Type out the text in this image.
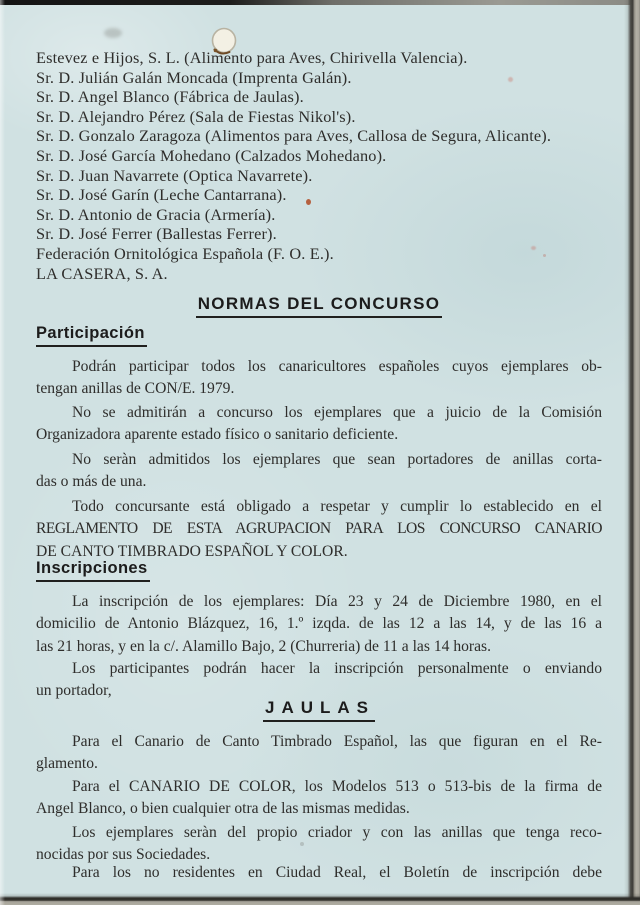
Estevez e Hijos, S. L. (Alimento para Aves, Chirivella Valencia).
Sr. D. Julián Galán Moncada (Imprenta Galán).
Sr. D. Angel Blanco (Fábrica de Jaulas).
Sr. D. Alejandro Pérez (Sala de Fiestas Nikol's).
Sr. D. Gonzalo Zaragoza (Alimentos para Aves, Callosa de Segura, Alicante).
Sr. D. José García Mohedano (Calzados Mohedano).
Sr. D. Juan Navarrete (Optica Navarrete).
Sr. D. José Garín (Leche Cantarrana).
Sr. D. Antonio de Gracia (Armería).
Sr. D. José Ferrer (Ballestas Ferrer).
Federación Ornitológica Española (F. O. E.).
LA CASERA, S. A.
NORMAS DEL CONCURSO
Participación
Podrán participar todos los canaricultores españoles cuyos ejemplares ob-
tengan anillas de CON/E. 1979.
No se admitirán a concurso los ejemplares que a juicio de la Comisión
Organizadora aparente estado físico o sanitario deficiente.
No seràn admitidos los ejemplares que sean portadores de anillas corta-
das o más de una.
Todo concursante está obligado a respetar y cumplir lo establecido en el
REGLAMENTO DE ESTA AGRUPACION PARA LOS CONCURSO CANARIO
DE CANTO TIMBRADO ESPAÑOL Y COLOR.
Inscripciones
La inscripción de los ejemplares: Día 23 y 24 de Diciembre 1980, en el
domicilio de Antonio Blázquez, 16, 1.º izqda. de las 12 a las 14, y de las 16 a
las 21 horas, y en la c/. Alamillo Bajo, 2 (Churreria) de 11 a las 14 horas.
Los participantes podrán hacer la inscripción personalmente o enviando
un portador,
JAULAS
Para el Canario de Canto Timbrado Español, las que figuran en el Re-
glamento.
Para el CANARIO DE COLOR, los Modelos 513 o 513-bis de la firma de
Angel Blanco, o bien cualquier otra de las mismas medidas.
Los ejemplares seràn del propio criador y con las anillas que tenga reco-
nocidas por sus Sociedades.
Para los no residentes en Ciudad Real, el Boletín de inscripción debe
